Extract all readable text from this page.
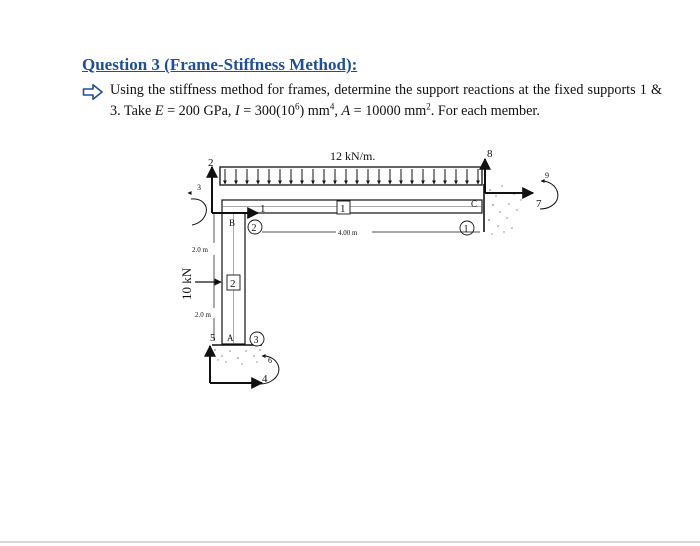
Question 3 (Frame-Stiffness Method):
Using the stiffness method for frames, determine the support reactions at the fixed supports 1 & 3. Take E = 200 GPa, $I = 300(10^6)$ $mm^4$, A = 10000 $mm^2$. For each member.
12 kN/m.
B
C
A
1
2
1
2
3
4.00 m
2.0 m
2.0 m
10 kN
2
1
3
5
4
6
8
7
9
